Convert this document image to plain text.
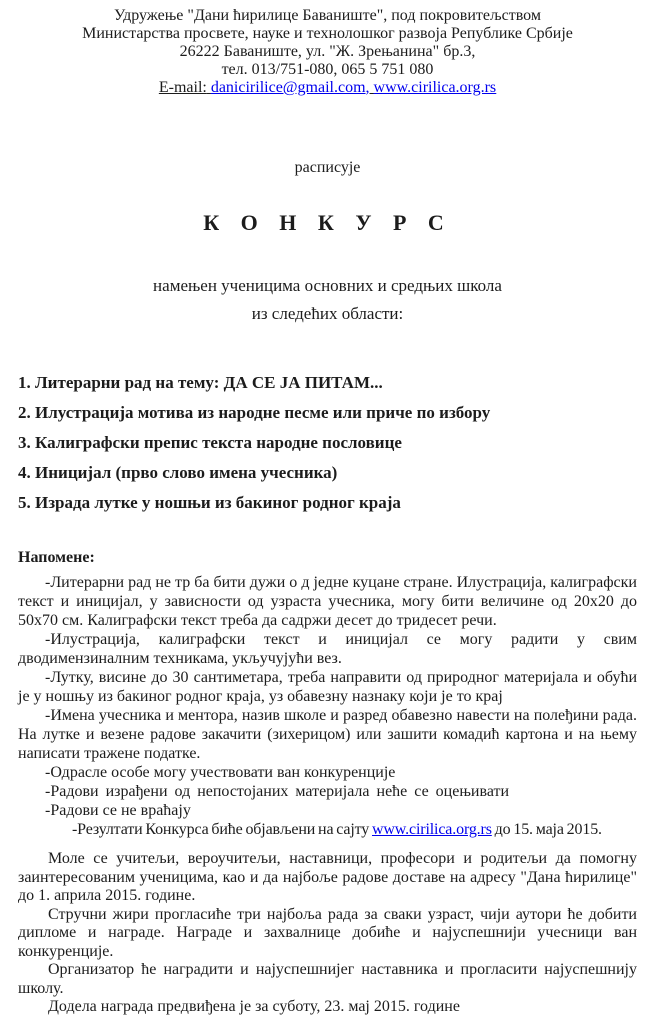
Удружење "Дани ћирилице Баваниште", под покровитељством

Министарства просвете, науке и технолошког развоја Републике Србије

26222 Баваниште, ул. "Ж. Зрењанина" бр.3,

тел. 013/751-080, 065 5 751 080

E-mail: danicirilice@gmail.com, www.cirilica.org.rs

расписује

К О Н К У Р С

намењен ученицима основних и средњих школа

из следећих области:

1. Литерарни рад на тему: ДА СЕ ЈА ПИТАМ...

2. Илустрација мотива из народне песме или приче по избору

3. Калиграфски препис текста народне пословице

4. Иницијал (прво слово имена учесника)

5. Израда лутке у ношњи из бакиног родног краја

Напомене:

-Литерарни рад не тр ба бити дужи о д једне куцане стране. Илустрација, калиграфски текст и иницијал, у зависности од узраста учесника, могу бити величине од 20х20 до 50х70 см. Калиграфски текст треба да садржи десет до тридесет речи.

-Илустрација, калиграфски текст и иницијал се могу радити у свим дводимензиналним техникама, укључујући вез.

-Лутку, висине до 30 сантиметара, треба направити од природног материјала и обући је у ношњу из бакиног родног краја, уз обавезну назнаку који је то крај

-Имена учесника и ментора, назив школе и разред обавезно навести на полеђини рада. На лутке и везене радове закачити (зихерицом) или зашити комадић картона и на њему написати тражене податке.

-Одрасле особе могу учествовати ван конкуренције

-Радови израђени од непостојаних материјала неће се оцењивати

-Радови се не враћају

-Резултати Конкурса биће објављени на сајту www.cirilica.org.rs до 15. маја 2015.

Моле се учитељи, вероучитељи, наставници, професори и родитељи да помогну заинтересованим ученицима, као и да најбоље радове доставе на адресу "Дана ћирилице" до 1. априла 2015. године.

Стручни жири прогласиће три најбоља рада за сваки узраст, чији аутори ће добити дипломе и награде. Награде и захвалнице добиће и најуспешнији учесници ван конкуренције.

Организатор ће наградити и најуспешнијег наставника и прогласити најуспешнију школу.

Додела награда предвиђена је за суботу, 23. мај 2015. године
